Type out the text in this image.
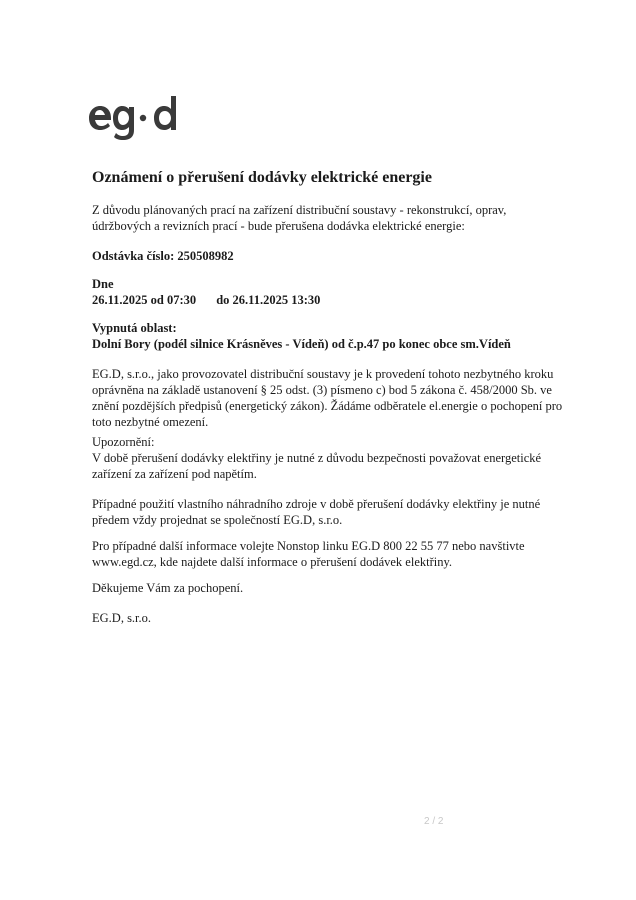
Oznámení o přerušení dodávky elektrické energie
Z důvodu plánovaných prací na zařízení distribuční soustavy - rekonstrukcí, oprav,
údržbových a revizních prací - bude přerušena dodávka elektrické energie:
Odstávka číslo: 250508982
Dne
26.11.2025 od 07:30 do 26.11.2025 13:30
Vypnutá oblast:
Dolní Bory (podél silnice Krásněves - Vídeň) od č.p.47 po konec obce sm.Vídeň
EG.D, s.r.o., jako provozovatel distribuční soustavy je k provedení tohoto nezbytného kroku
oprávněna na základě ustanovení § 25 odst. (3) písmeno c) bod 5 zákona č. 458/2000 Sb. ve
znění pozdějších předpisů (energetický zákon). Žádáme odběratele el.energie o pochopení pro
toto nezbytné omezení.
Upozornění:
V době přerušení dodávky elektřiny je nutné z důvodu bezpečnosti považovat energetické
zařízení za zařízení pod napětím.
Případné použití vlastního náhradního zdroje v době přerušení dodávky elektřiny je nutné
předem vždy projednat se společností EG.D, s.r.o.
Pro případné další informace volejte Nonstop linku EG.D 800 22 55 77 nebo navštivte
www.egd.cz, kde najdete další informace o přerušení dodávek elektřiny.
Děkujeme Vám za pochopení.
EG.D, s.r.o.
2 / 2
